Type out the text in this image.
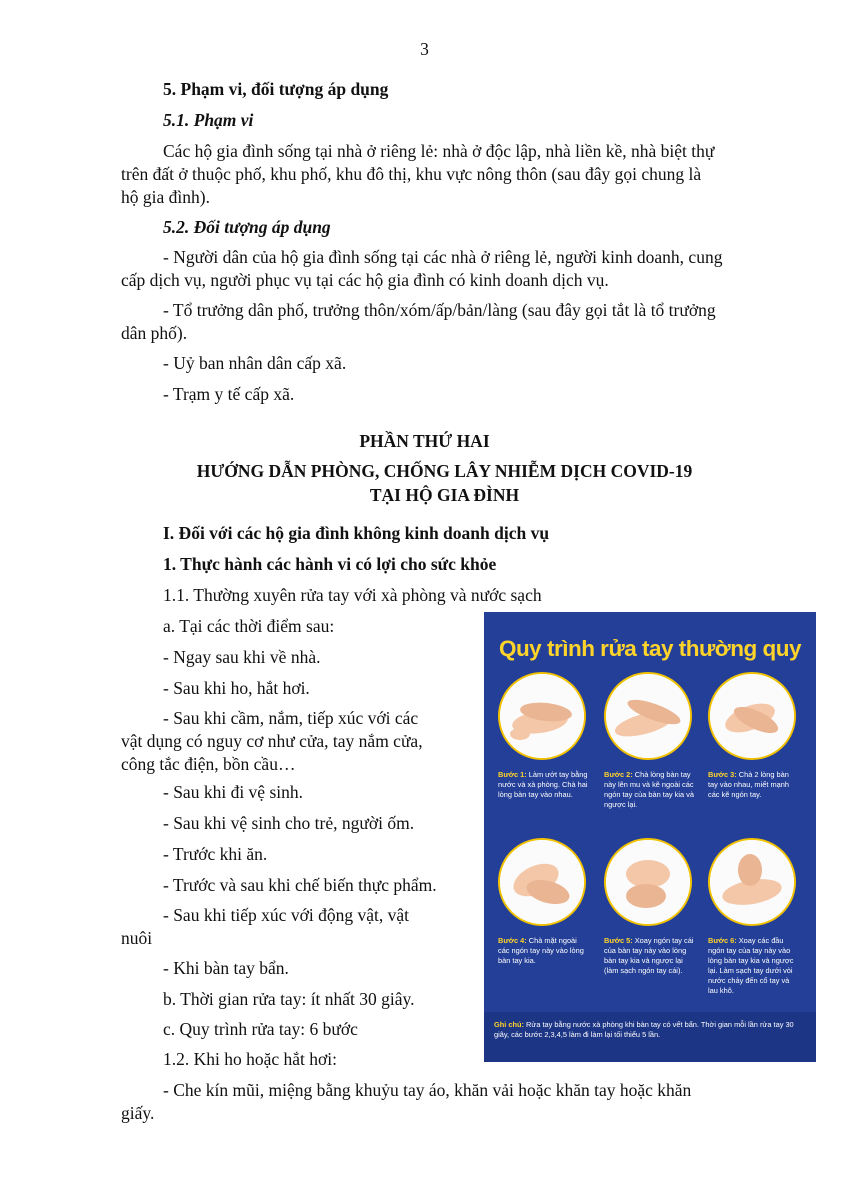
3
5. Phạm vi, đối tượng áp dụng
5.1. Phạm vi
Các hộ gia đình sống tại nhà ở riêng lẻ: nhà ở độc lập, nhà liền kề, nhà biệt thự
trên đất ở thuộc phố, khu phố, khu đô thị, khu vực nông thôn (sau đây gọi chung là
hộ gia đình).
5.2. Đối tượng áp dụng
- Người dân của hộ gia đình sống tại các nhà ở riêng lẻ, người kinh doanh, cung
cấp dịch vụ, người phục vụ tại các hộ gia đình có kinh doanh dịch vụ.
- Tổ trưởng dân phố, trưởng thôn/xóm/ấp/bản/làng (sau đây gọi tắt là tổ trưởng
dân phố).
- Uỷ ban nhân dân cấp xã.
- Trạm y tế cấp xã.
PHẦN THỨ HAI
HƯỚNG DẪN PHÒNG, CHỐNG LÂY NHIỄM DỊCH COVID-19
TẠI HỘ GIA ĐÌNH
I. Đối với các hộ gia đình không kinh doanh dịch vụ
1. Thực hành các hành vi có lợi cho sức khỏe
1.1. Thường xuyên rửa tay với xà phòng và nước sạch
a. Tại các thời điểm sau:
- Ngay sau khi về nhà.
- Sau khi ho, hắt hơi.
- Sau khi cầm, nắm, tiếp xúc với các
vật dụng có nguy cơ như cửa, tay nắm cửa,
công tắc điện, bồn cầu…
- Sau khi đi vệ sinh.
- Sau khi vệ sinh cho trẻ, người ốm.
- Trước khi ăn.
- Trước và sau khi chế biến thực phẩm.
- Sau khi tiếp xúc với động vật, vật
nuôi
- Khi bàn tay bẩn.
b. Thời gian rửa tay: ít nhất 30 giây.
c. Quy trình rửa tay: 6 bước
1.2. Khi ho hoặc hắt hơi:
- Che kín mũi, miệng bằng khuỷu tay áo, khăn vải hoặc khăn tay hoặc khăn
giấy.
Quy trình rửa tay thường quy
Bước 1: Làm ướt tay bằng nước và xà phòng. Chà hai lòng bàn tay vào nhau.
Bước 2: Chà lòng bàn tay này lên mu và kẽ ngoài các ngón tay của bàn tay kia và ngược lại.
Bước 3: Chà 2 lòng bàn tay vào nhau, miết mạnh các kẽ ngón tay.
Bước 4: Chà mặt ngoài các ngón tay này vào lòng bàn tay kia.
Bước 5: Xoay ngón tay cái của bàn tay này vào lòng bàn tay kia và ngược lại (làm sạch ngón tay cái).
Bước 6: Xoay các đầu ngón tay của tay này vào lòng bàn tay kia và ngược lại. Làm sạch tay dưới vòi nước chảy đến cổ tay và lau khô.
Ghi chú: Rửa tay bằng nước xà phòng khi bàn tay có vết bẩn. Thời gian mỗi lần rửa tay 30 giây, các bước 2,3,4,5 làm đi làm lại tối thiểu 5 lần.
